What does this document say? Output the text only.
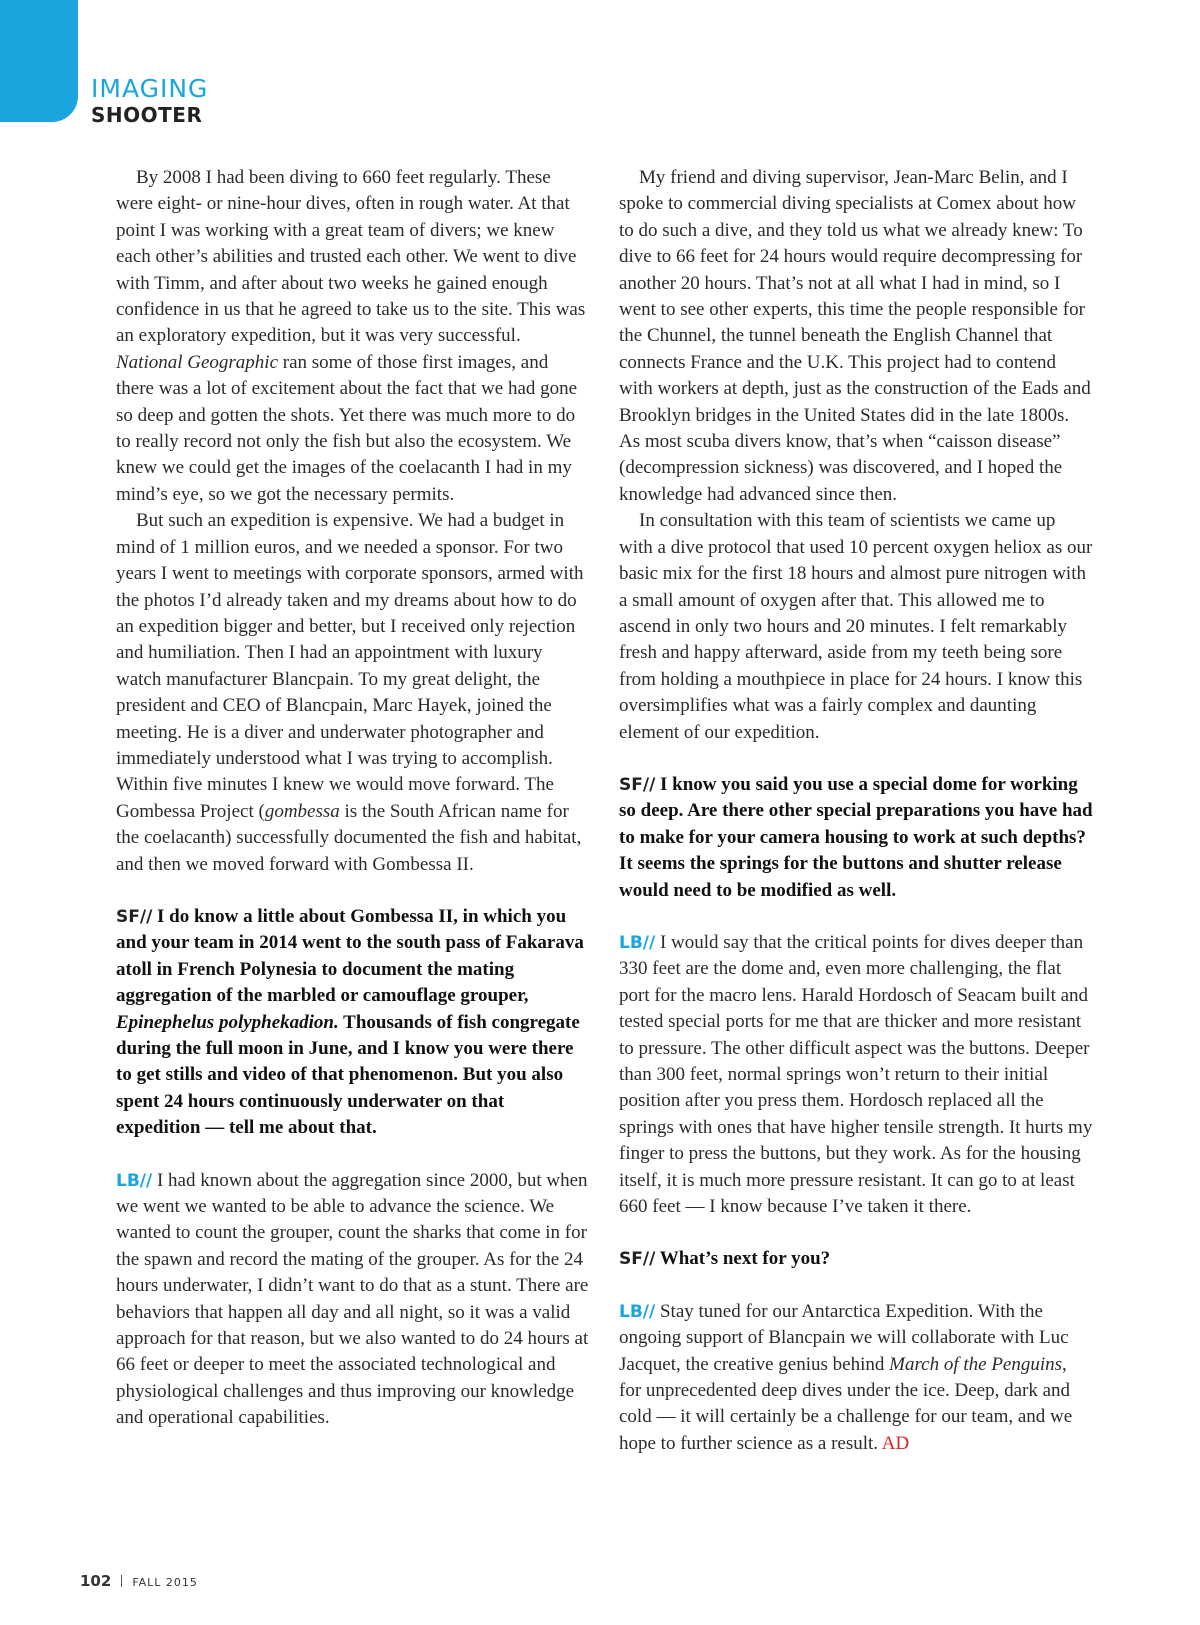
IMAGING
SHOOTER

By 2008 I had been diving to 660 feet regularly. These were eight- or nine-hour dives, often in rough water. At that point I was working with a great team of divers; we knew each other’s abilities and trusted each other. We went to dive with Timm, and after about two weeks he gained enough confidence in us that he agreed to take us to the site. This was an exploratory expedition, but it was very successful. National Geographic ran some of those first images, and there was a lot of excitement about the fact that we had gone so deep and gotten the shots. Yet there was much more to do to really record not only the fish but also the ecosystem. We knew we could get the images of the coelacanth I had in my mind’s eye, so we got the necessary permits.

But such an expedition is expensive. We had a budget in mind of 1 million euros, and we needed a sponsor. For two years I went to meetings with corporate sponsors, armed with the photos I’d already taken and my dreams about how to do an expedition bigger and better, but I received only rejection and humiliation. Then I had an appointment with luxury watch manufacturer Blancpain. To my great delight, the president and CEO of Blancpain, Marc Hayek, joined the meeting. He is a diver and underwater photographer and immediately understood what I was trying to accomplish. Within five minutes I knew we would move forward. The Gombessa Project (gombessa is the South African name for the coelacanth) successfully documented the fish and habitat, and then we moved forward with Gombessa II.

SF// I do know a little about Gombessa II, in which you and your team in 2014 went to the south pass of Fakarava atoll in French Polynesia to document the mating aggregation of the marbled or camouflage grouper, Epinephelus polyphekadion. Thousands of fish congregate during the full moon in June, and I know you were there to get stills and video of that phenomenon. But you also spent 24 hours continuously underwater on that expedition — tell me about that.

LB// I had known about the aggregation since 2000, but when we went we wanted to be able to advance the science. We wanted to count the grouper, count the sharks that come in for the spawn and record the mating of the grouper. As for the 24 hours underwater, I didn’t want to do that as a stunt. There are behaviors that happen all day and all night, so it was a valid approach for that reason, but we also wanted to do 24 hours at 66 feet or deeper to meet the associated technological and physiological challenges and thus improving our knowledge and operational capabilities.

My friend and diving supervisor, Jean-Marc Belin, and I spoke to commercial diving specialists at Comex about how to do such a dive, and they told us what we already knew: To dive to 66 feet for 24 hours would require decompressing for another 20 hours. That’s not at all what I had in mind, so I went to see other experts, this time the people responsible for the Chunnel, the tunnel beneath the English Channel that connects France and the U.K. This project had to contend with workers at depth, just as the construction of the Eads and Brooklyn bridges in the United States did in the late 1800s. As most scuba divers know, that’s when “caisson disease” (decompression sickness) was discovered, and I hoped the knowledge had advanced since then.

In consultation with this team of scientists we came up with a dive protocol that used 10 percent oxygen heliox as our basic mix for the first 18 hours and almost pure nitrogen with a small amount of oxygen after that. This allowed me to ascend in only two hours and 20 minutes. I felt remarkably fresh and happy afterward, aside from my teeth being sore from holding a mouthpiece in place for 24 hours. I know this oversimplifies what was a fairly complex and daunting element of our expedition.

SF// I know you said you use a special dome for working so deep. Are there other special preparations you have had to make for your camera housing to work at such depths? It seems the springs for the buttons and shutter release would need to be modified as well.

LB// I would say that the critical points for dives deeper than 330 feet are the dome and, even more challenging, the flat port for the macro lens. Harald Hordosch of Seacam built and tested special ports for me that are thicker and more resistant to pressure. The other difficult aspect was the buttons. Deeper than 300 feet, normal springs won’t return to their initial position after you press them. Hordosch replaced all the springs with ones that have higher tensile strength. It hurts my finger to press the buttons, but they work. As for the housing itself, it is much more pressure resistant. It can go to at least 660 feet — I know because I’ve taken it there.

SF// What’s next for you?

LB// Stay tuned for our Antarctica Expedition. With the ongoing support of Blancpain we will collaborate with Luc Jacquet, the creative genius behind March of the Penguins, for unprecedented deep dives under the ice. Deep, dark and cold — it will certainly be a challenge for our team, and we hope to further science as a result. AD

102 FALL 2015
